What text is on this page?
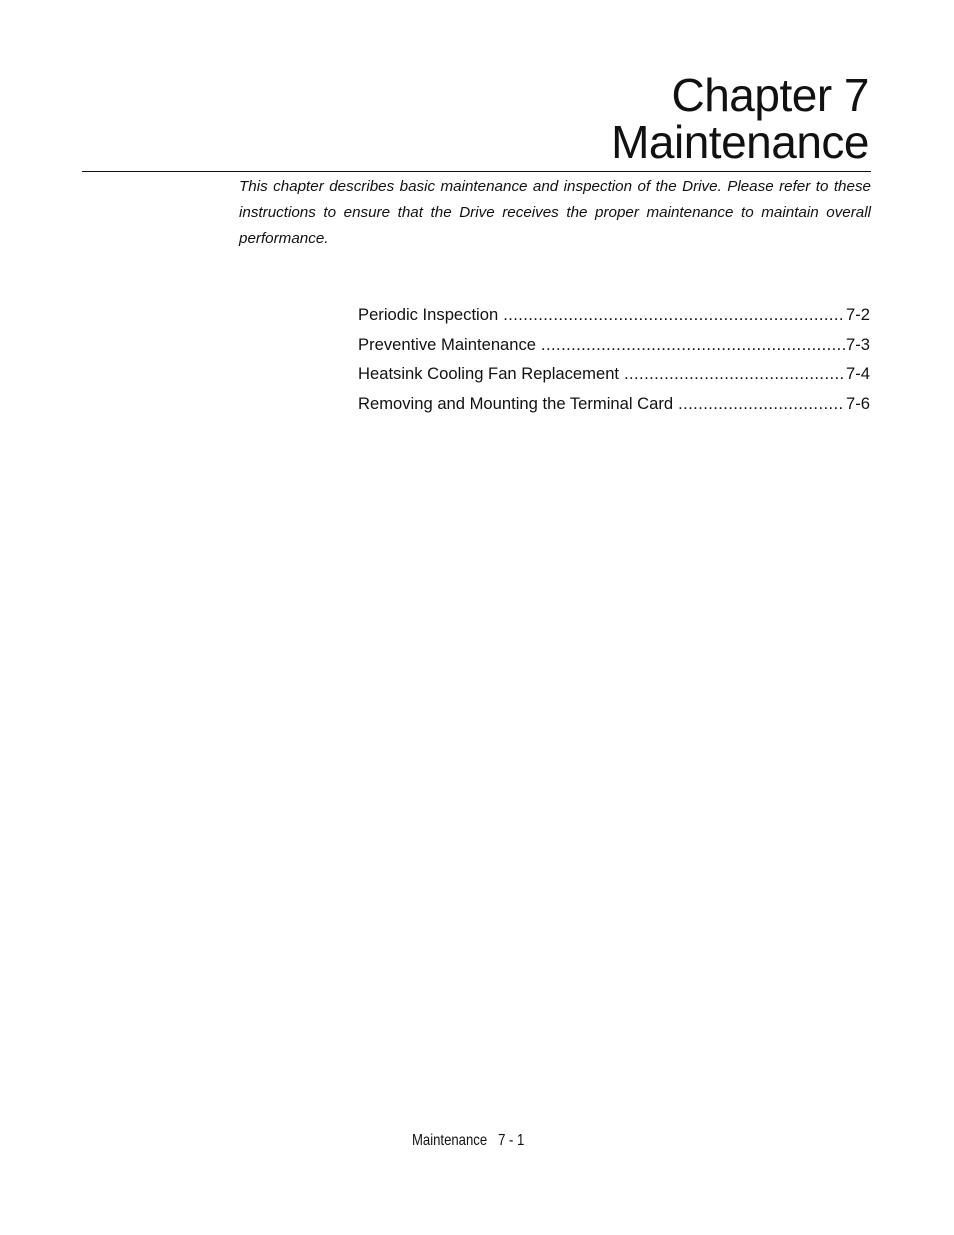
Chapter 7
Maintenance

This chapter describes basic maintenance and inspection of the Drive. Please refer to these instructions to ensure that the Drive receives the proper maintenance to maintain overall performance.

Periodic Inspection .....	7-2
Preventive Maintenance .....	7-3
Heatsink Cooling Fan Replacement .....	7-4
Removing and Mounting the Terminal Card .....	7-6
Maintenance 7 - 1
